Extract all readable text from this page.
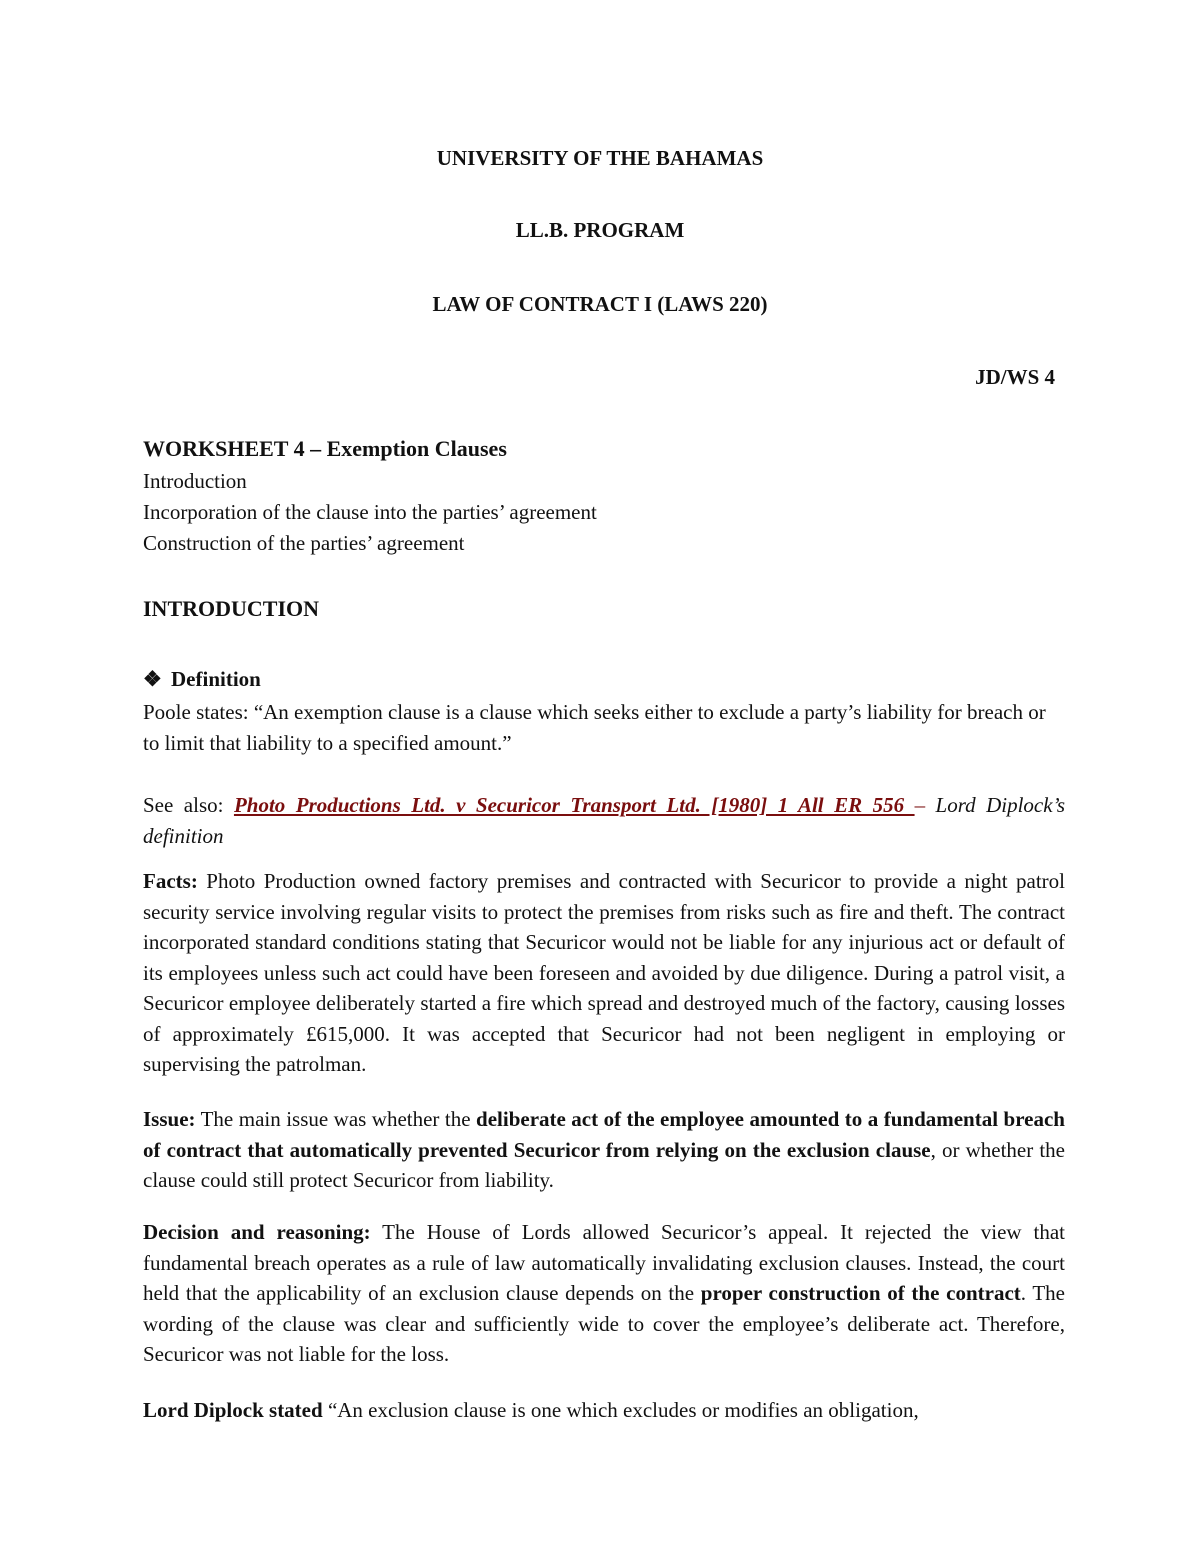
UNIVERSITY OF THE BAHAMAS
LL.B. PROGRAM
LAW OF CONTRACT I (LAWS 220)
JD/WS 4
WORKSHEET 4 – Exemption Clauses
Introduction
Incorporation of the clause into the parties’ agreement
Construction of the parties’ agreement
INTRODUCTION
❖ Definition
Poole states: “An exemption clause is a clause which seeks either to exclude a party’s liability for breach or to limit that liability to a specified amount.”
See also: Photo Productions Ltd. v Securicor Transport Ltd. [1980] 1 All ER 556 – Lord Diplock’s definition
Facts: Photo Production owned factory premises and contracted with Securicor to provide a night patrol security service involving regular visits to protect the premises from risks such as fire and theft. The contract incorporated standard conditions stating that Securicor would not be liable for any injurious act or default of its employees unless such act could have been foreseen and avoided by due diligence. During a patrol visit, a Securicor employee deliberately started a fire which spread and destroyed much of the factory, causing losses of approximately £615,000. It was accepted that Securicor had not been negligent in employing or supervising the patrolman.
Issue: The main issue was whether the deliberate act of the employee amounted to a fundamental breach of contract that automatically prevented Securicor from relying on the exclusion clause, or whether the clause could still protect Securicor from liability.
Decision and reasoning: The House of Lords allowed Securicor’s appeal. It rejected the view that fundamental breach operates as a rule of law automatically invalidating exclusion clauses. Instead, the court held that the applicability of an exclusion clause depends on the proper construction of the contract. The wording of the clause was clear and sufficiently wide to cover the employee’s deliberate act. Therefore, Securicor was not liable for the loss.
Lord Diplock stated “An exclusion clause is one which excludes or modifies an obligation,
